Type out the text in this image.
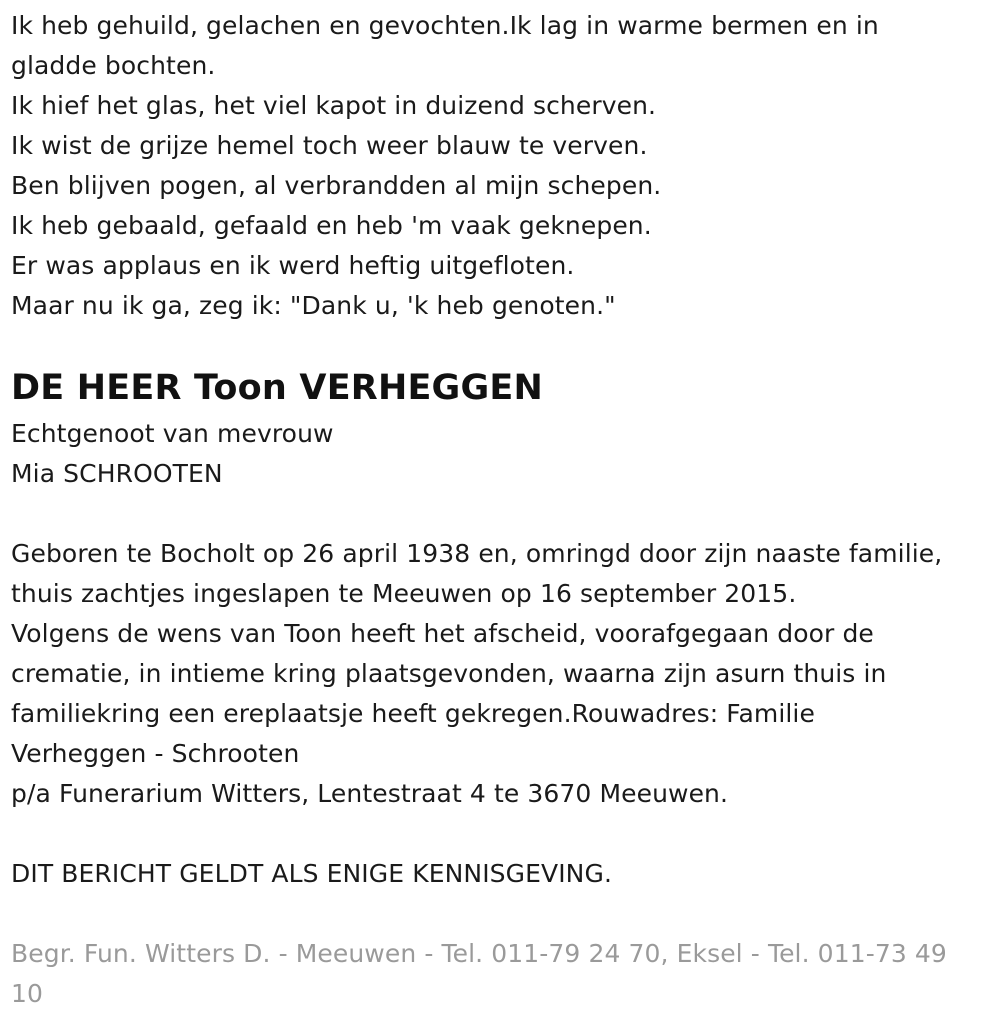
Ik heb gehuild, gelachen en gevochten.Ik lag in warme bermen en in
gladde bochten.
Ik hief het glas, het viel kapot in duizend scherven.
Ik wist de grijze hemel toch weer blauw te verven.
Ben blijven pogen, al verbrandden al mijn schepen.
Ik heb gebaald, gefaald en heb 'm vaak geknepen.
Er was applaus en ik werd heftig uitgefloten.
Maar nu ik ga, zeg ik: "Dank u, 'k heb genoten."
DE HEER Toon VERHEGGEN
Echtgenoot van mevrouw
Mia SCHROOTEN
Geboren te Bocholt op 26 april 1938 en, omringd door zijn naaste familie,
thuis zachtjes ingeslapen te Meeuwen op 16 september 2015.
Volgens de wens van Toon heeft het afscheid, voorafgegaan door de
crematie, in intieme kring plaatsgevonden, waarna zijn asurn thuis in
familiekring een ereplaatsje heeft gekregen.Rouwadres: Familie
Verheggen - Schrooten
p/a Funerarium Witters, Lentestraat 4 te 3670 Meeuwen.
DIT BERICHT GELDT ALS ENIGE KENNISGEVING.
Begr. Fun. Witters D. - Meeuwen - Tel. 011-79 24 70, Eksel - Tel. 011-73 49
10
